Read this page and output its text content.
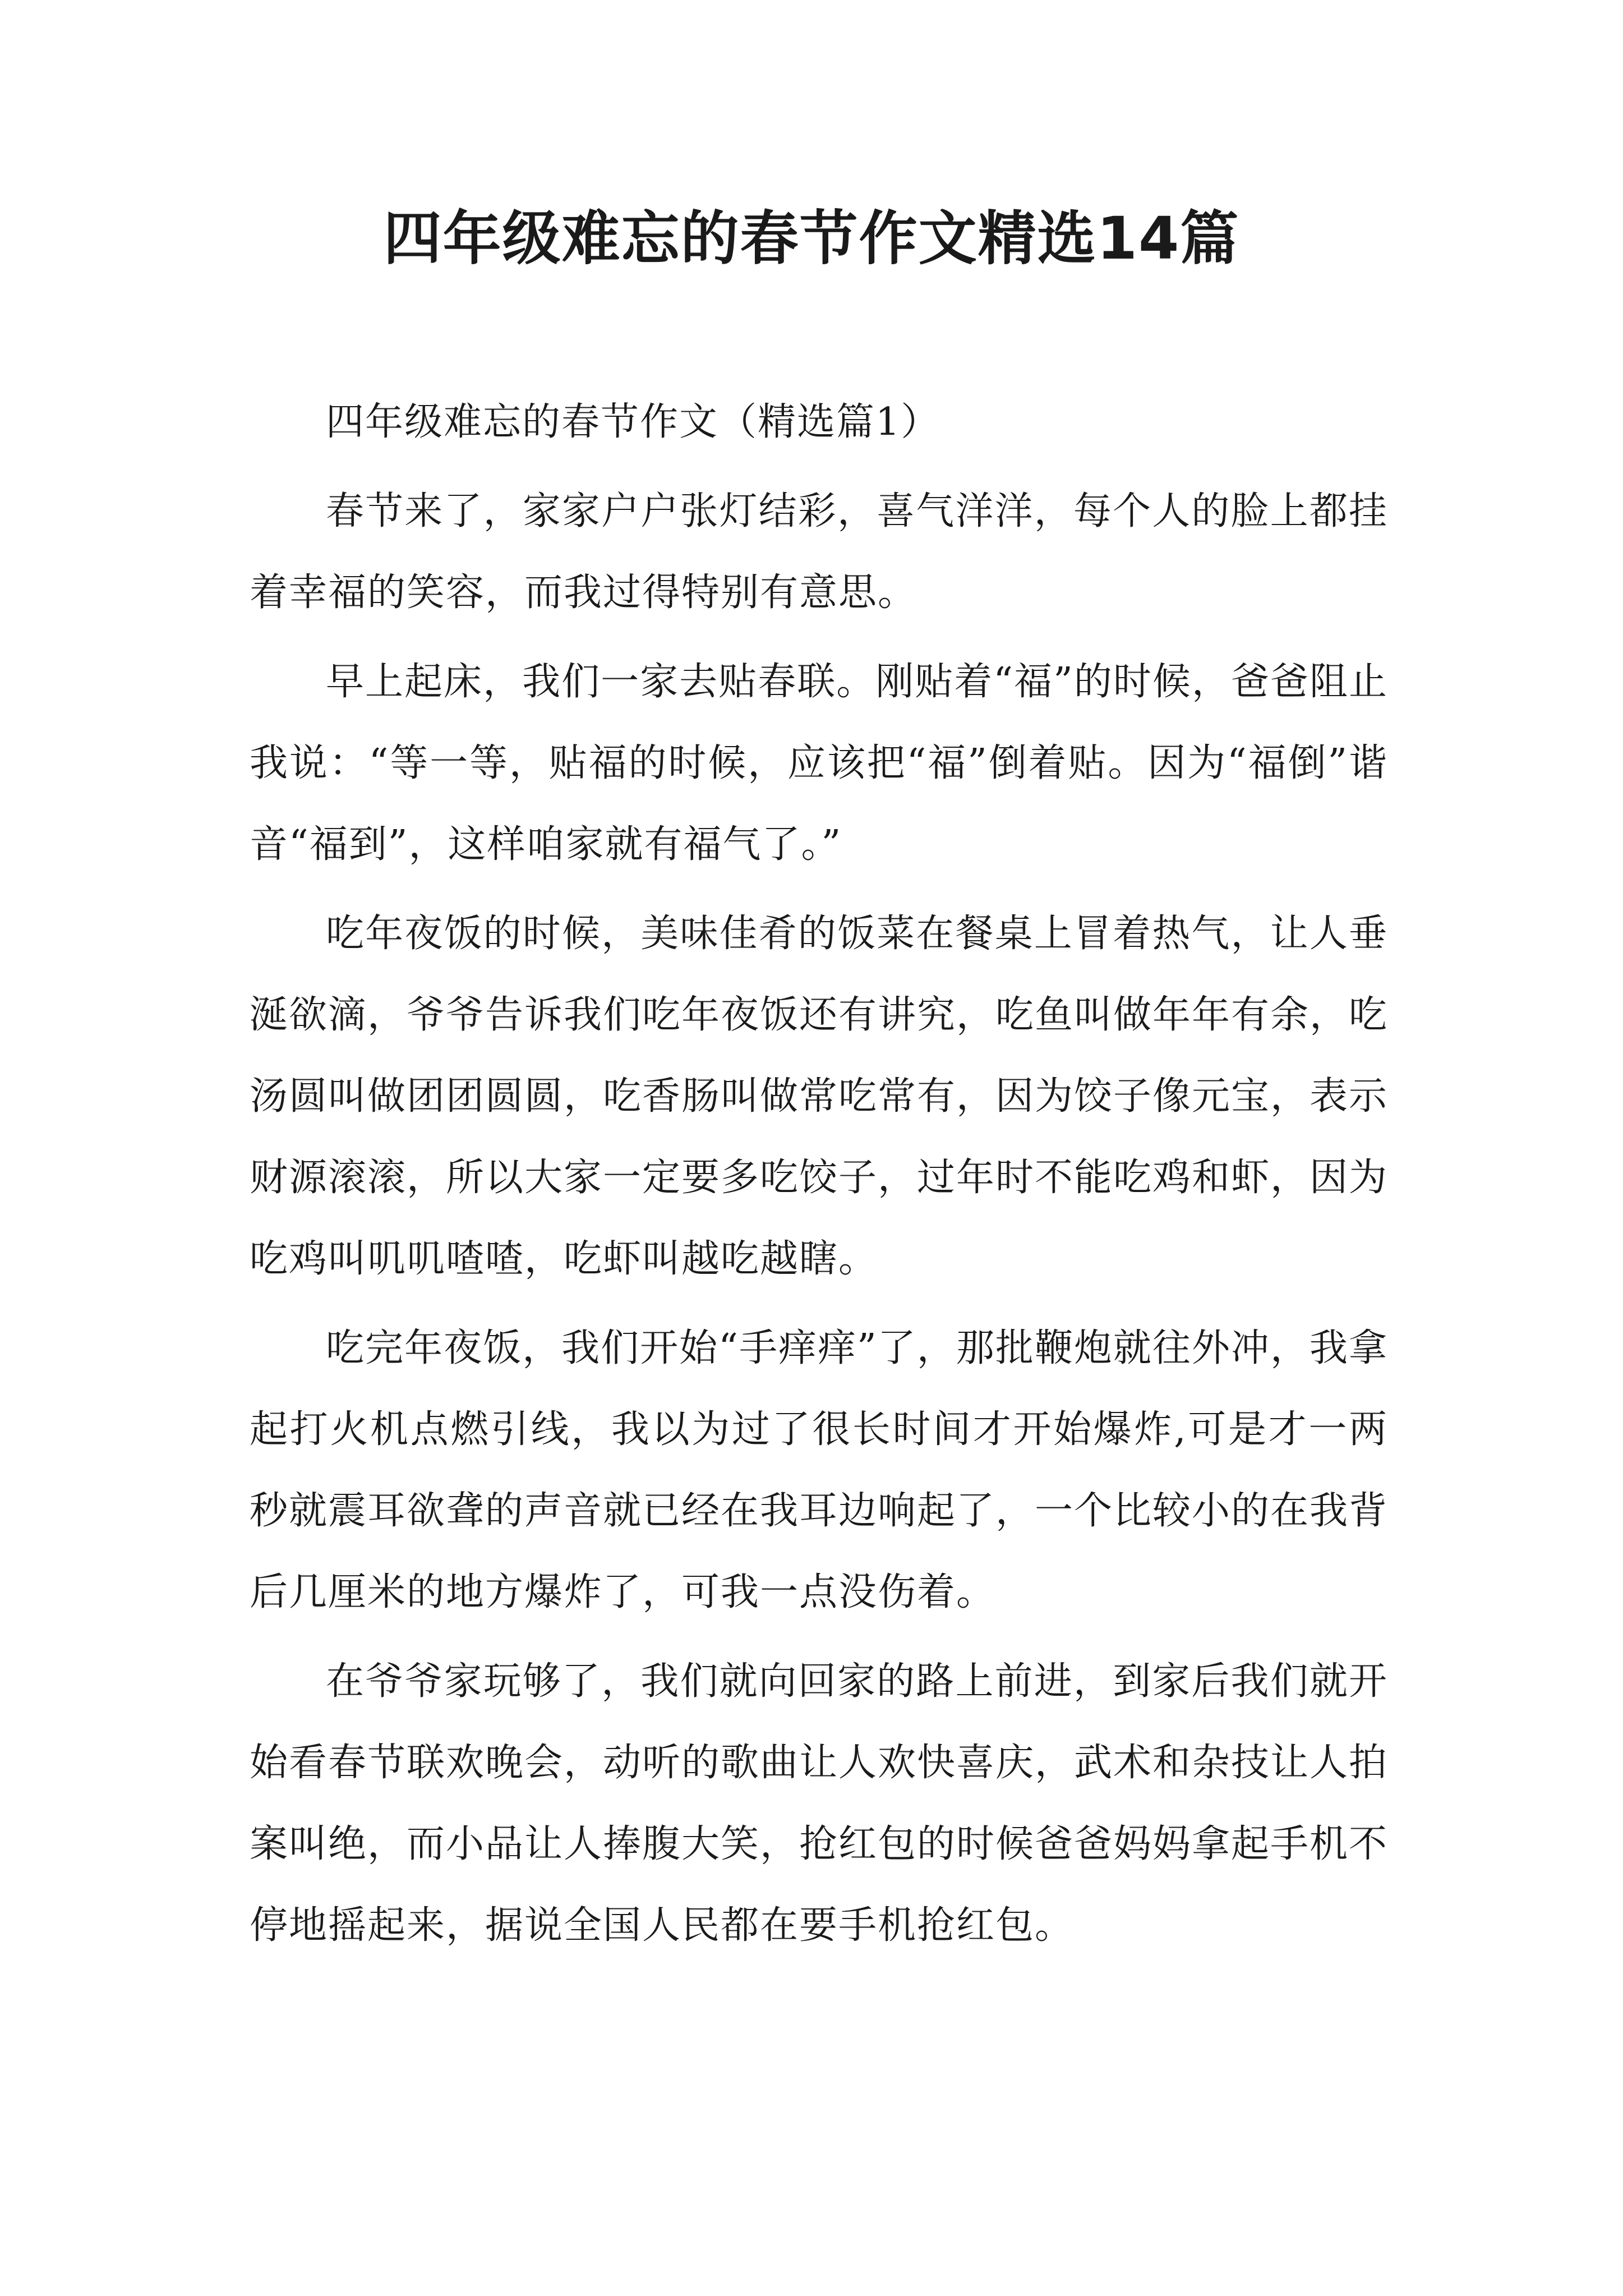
四年级难忘的春节作文精选14篇

四年级难忘的春节作文（精选篇1）

春节来了，家家户户张灯结彩，喜气洋洋，每个人的脸上都挂着幸福的笑容，而我过得特别有意思。

早上起床，我们一家去贴春联。刚贴着“福”的时候，爸爸阻止我说：“等一等，贴福的时候，应该把“福”倒着贴。因为“福倒”谐音“福到”，这样咱家就有福气了。”

吃年夜饭的时候，美味佳肴的饭菜在餐桌上冒着热气，让人垂涎欲滴，爷爷告诉我们吃年夜饭还有讲究，吃鱼叫做年年有余，吃汤圆叫做团团圆圆，吃香肠叫做常吃常有，因为饺子像元宝，表示财源滚滚，所以大家一定要多吃饺子，过年时不能吃鸡和虾，因为吃鸡叫叽叽喳喳，吃虾叫越吃越瞎。

吃完年夜饭，我们开始“手痒痒”了，那批鞭炮就往外冲，我拿起打火机点燃引线，我以为过了很长时间才开始爆炸,可是才一两秒就震耳欲聋的声音就已经在我耳边响起了，一个比较小的在我背后几厘米的地方爆炸了，可我一点没伤着。

在爷爷家玩够了，我们就向回家的路上前进，到家后我们就开始看春节联欢晚会，动听的歌曲让人欢快喜庆，武术和杂技让人拍案叫绝，而小品让人捧腹大笑，抢红包的时候爸爸妈妈拿起手机不停地摇起来，据说全国人民都在要手机抢红包。
